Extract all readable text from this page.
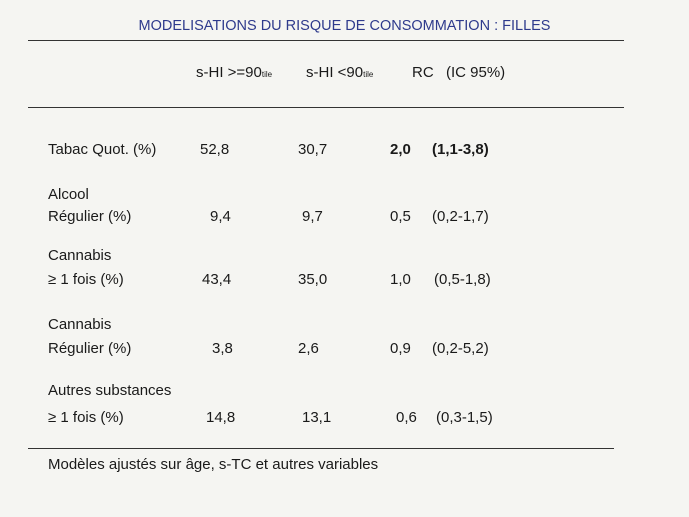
MODELISATIONS DU RISQUE DE CONSOMMATION : FILLES
s-HI >=90tile s-HI <90tile	RC (IC 95%)
Tabac Quot. (%)	52,8	30,7	2,0 (1,1-3,8)
Alcool
Régulier (%)	9,4	9,7	0,5 (0,2-1,7)
Cannabis
≥ 1 fois (%)	43,4	35,0	1,0 (0,5-1,8)
Cannabis
Régulier (%)	3,8	2,6	0,9 (0,2-5,2)
Autres substances
≥ 1 fois (%)	14,8	13,1	0,6 (0,3-1,5)
Modèles ajustés sur âge, s-TC et autres variables
